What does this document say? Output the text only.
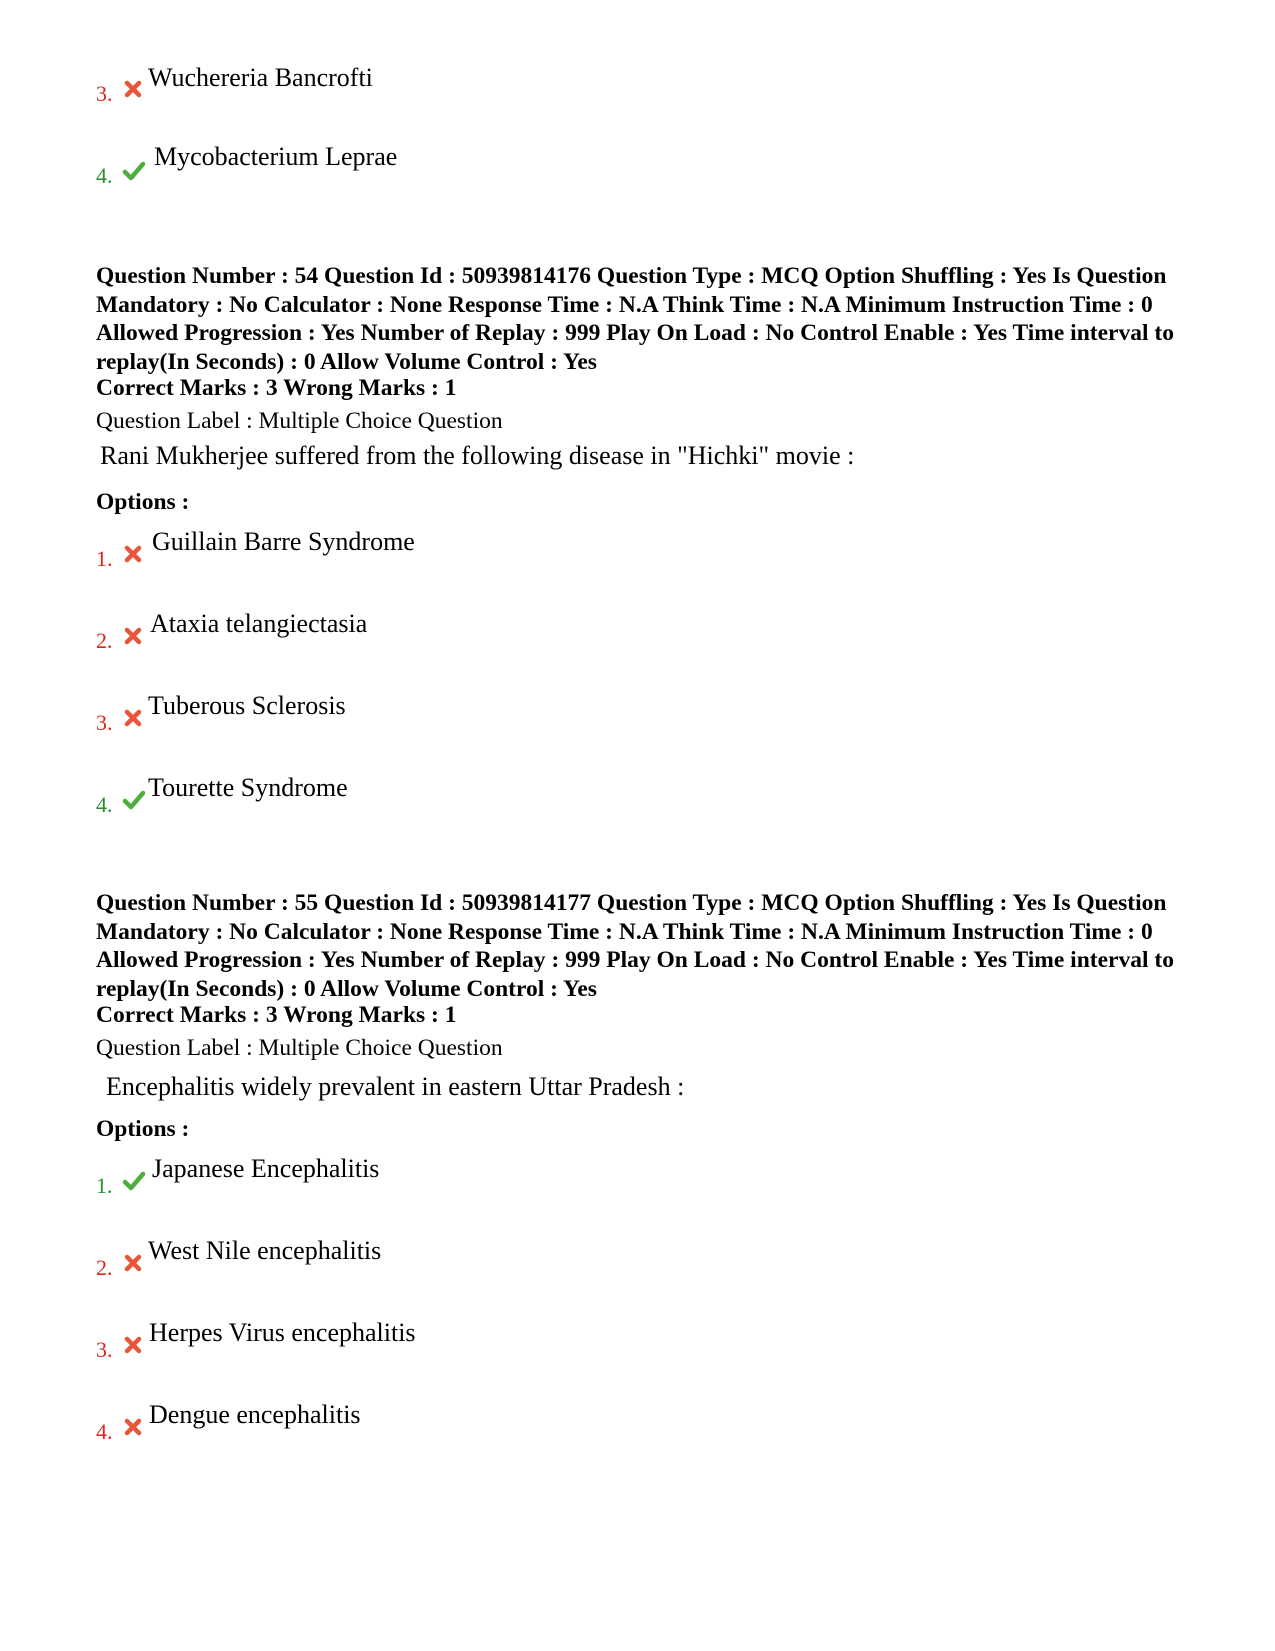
3.
Wuchereria Bancrofti
4.
Mycobacterium Leprae
Question Number : 54 Question Id : 50939814176 Question Type : MCQ Option Shuffling : Yes Is Question Mandatory : No Calculator : None Response Time : N.A Think Time : N.A Minimum Instruction Time : 0 Allowed Progression : Yes Number of Replay : 999 Play On Load : No Control Enable : Yes Time interval to replay(In Seconds) : 0 Allow Volume Control : Yes
Correct Marks : 3 Wrong Marks : 1
Question Label : Multiple Choice Question
Rani Mukherjee suffered from the following disease in "Hichki" movie :
Options :
1.
Guillain Barre Syndrome
2.
Ataxia telangiectasia
3.
Tuberous Sclerosis
4.
Tourette Syndrome
Question Number : 55 Question Id : 50939814177 Question Type : MCQ Option Shuffling : Yes Is Question Mandatory : No Calculator : None Response Time : N.A Think Time : N.A Minimum Instruction Time : 0 Allowed Progression : Yes Number of Replay : 999 Play On Load : No Control Enable : Yes Time interval to replay(In Seconds) : 0 Allow Volume Control : Yes
Correct Marks : 3 Wrong Marks : 1
Question Label : Multiple Choice Question
Encephalitis widely prevalent in eastern Uttar Pradesh :
Options :
1.
Japanese Encephalitis
2.
West Nile encephalitis
3.
Herpes Virus encephalitis
4.
Dengue encephalitis
